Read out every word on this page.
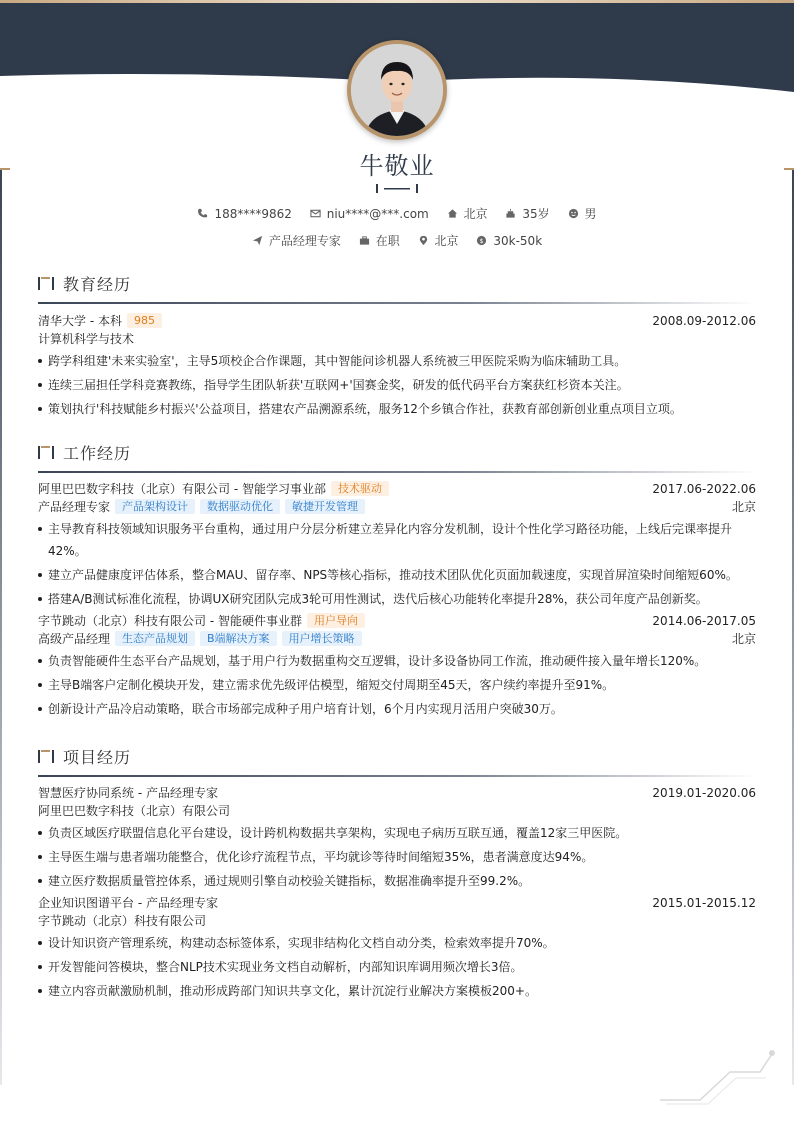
牛敬业
188****9862	niu****@***.com	北京	35岁	男
产品经理专家	在职	北京	$ 30k-50k
教育经历
清华大学 - 本科 985	2008.09-2012.06
计算机科学与技术
跨学科组建'未来实验室'，主导5项校企合作课题，其中智能问诊机器人系统被三甲医院采购为临床辅助工具。
连续三届担任学科竞赛教练，指导学生团队斩获'互联网+'国赛金奖，研发的低代码平台方案获红杉资本关注。
策划执行'科技赋能乡村振兴'公益项目，搭建农产品溯源系统，服务12个乡镇合作社，获教育部创新创业重点项目立项。
工作经历
阿里巴巴数字科技（北京）有限公司 - 智能学习事业部 技术驱动	2017.06-2022.06
产品经理专家 产品架构设计 数据驱动优化 敏捷开发管理	北京
主导教育科技领域知识服务平台重构，通过用户分层分析建立差异化内容分发机制，设计个性化学习路径功能，上线后完课率提升42%。
建立产品健康度评估体系，整合MAU、留存率、NPS等核心指标，推动技术团队优化页面加载速度，实现首屏渲染时间缩短60%。
搭建A/B测试标准化流程，协调UX研究团队完成3轮可用性测试，迭代后核心功能转化率提升28%，获公司年度产品创新奖。
字节跳动（北京）科技有限公司 - 智能硬件事业群 用户导向	2014.06-2017.05
高级产品经理 生态产品规划 B端解决方案 用户增长策略	北京
负责智能硬件生态平台产品规划，基于用户行为数据重构交互逻辑，设计多设备协同工作流，推动硬件接入量年增长120%。
主导B端客户定制化模块开发，建立需求优先级评估模型，缩短交付周期至45天，客户续约率提升至91%。
创新设计产品冷启动策略，联合市场部完成种子用户培育计划，6个月内实现月活用户突破30万。
项目经历
智慧医疗协同系统 - 产品经理专家	2019.01-2020.06
阿里巴巴数字科技（北京）有限公司
负责区域医疗联盟信息化平台建设，设计跨机构数据共享架构，实现电子病历互联互通，覆盖12家三甲医院。
主导医生端与患者端功能整合，优化诊疗流程节点，平均就诊等待时间缩短35%，患者满意度达94%。
建立医疗数据质量管控体系，通过规则引擎自动校验关键指标，数据准确率提升至99.2%。
企业知识图谱平台 - 产品经理专家	2015.01-2015.12
字节跳动（北京）科技有限公司
设计知识资产管理系统，构建动态标签体系，实现非结构化文档自动分类，检索效率提升70%。
开发智能问答模块，整合NLP技术实现业务文档自动解析，内部知识库调用频次增长3倍。
建立内容贡献激励机制，推动形成跨部门知识共享文化，累计沉淀行业解决方案模板200+。
